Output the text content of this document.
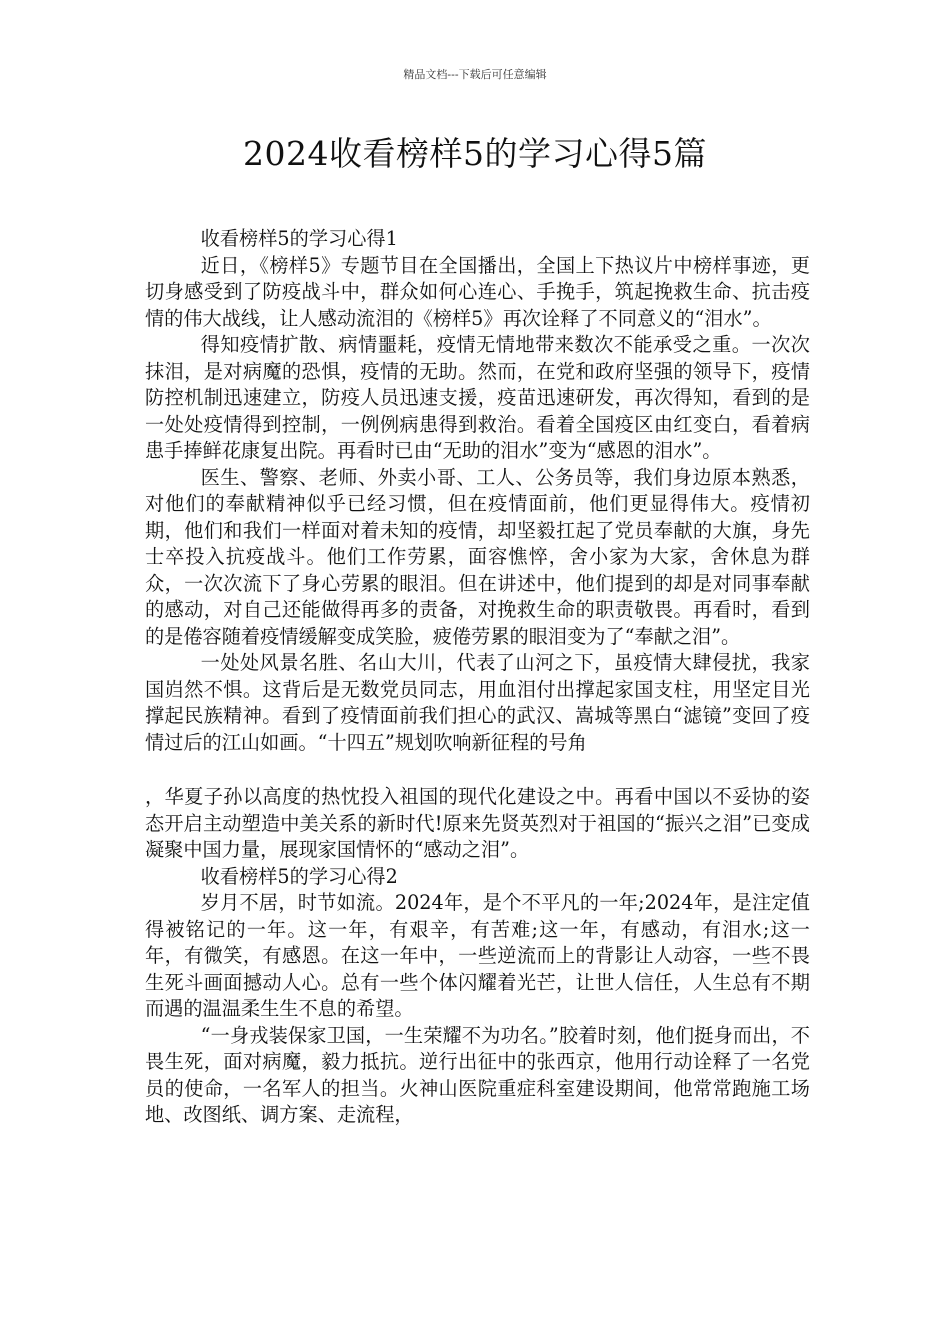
精品文档---下载后可任意编辑
2024收看榜样5的学习心得5篇

收看榜样5的学习心得1

近日，《榜样5》专题节目在全国播出，全国上下热议片中榜样事迹，更切身感受到了防疫战斗中，群众如何心连心、手挽手，筑起挽救生命、抗击疫情的伟大战线，让人感动流泪的《榜样5》再次诠释了不同意义的“泪水”。

得知疫情扩散、病情噩耗，疫情无情地带来数次不能承受之重。一次次抹泪，是对病魔的恐惧，疫情的无助。然而，在党和政府坚强的领导下，疫情防控机制迅速建立，防疫人员迅速支援，疫苗迅速研发，再次得知，看到的是一处处疫情得到控制，一例例病患得到救治。看着全国疫区由红变白，看着病患手捧鲜花康复出院。再看时已由“无助的泪水”变为“感恩的泪水”。

医生、警察、老师、外卖小哥、工人、公务员等，我们身边原本熟悉，对他们的奉献精神似乎已经习惯，但在疫情面前，他们更显得伟大。疫情初期，他们和我们一样面对着未知的疫情，却坚毅扛起了党员奉献的大旗，身先士卒投入抗疫战斗。他们工作劳累，面容憔悴，舍小家为大家，舍休息为群众，一次次流下了身心劳累的眼泪。但在讲述中，他们提到的却是对同事奉献的感动，对自己还能做得再多的责备，对挽救生命的职责敬畏。再看时，看到的是倦容随着疫情缓解变成笑脸，疲倦劳累的眼泪变为了“奉献之泪”。

一处处风景名胜、名山大川，代表了山河之下，虽疫情大肆侵扰，我家国岿然不惧。这背后是无数党员同志，用血泪付出撑起家国支柱，用坚定目光撑起民族精神。看到了疫情面前我们担心的武汉、嵩城等黑白“滤镜”变回了疫情过后的江山如画。“十四五”规划吹响新征程的号角

，华夏子孙以高度的热忱投入祖国的现代化建设之中。再看中国以不妥协的姿态开启主动塑造中美关系的新时代!原来先贤英烈对于祖国的“振兴之泪”已变成凝聚中国力量，展现家国情怀的“感动之泪”。

收看榜样5的学习心得2

岁月不居，时节如流。2024年，是个不平凡的一年;2024年，是注定值得被铭记的一年。这一年，有艰辛，有苦难;这一年，有感动，有泪水;这一年，有微笑，有感恩。在这一年中，一些逆流而上的背影让人动容，一些不畏生死斗画面撼动人心。总有一些个体闪耀着光芒，让世人信任，人生总有不期而遇的温温柔生生不息的希望。

“一身戎装保家卫国，一生荣耀不为功名。”胶着时刻，他们挺身而出，不畏生死，面对病魔，毅力抵抗。逆行出征中的张西京，他用行动诠释了一名党员的使命，一名军人的担当。火神山医院重症科室建设期间，他常常跑施工场地、改图纸、调方案、走流程，
